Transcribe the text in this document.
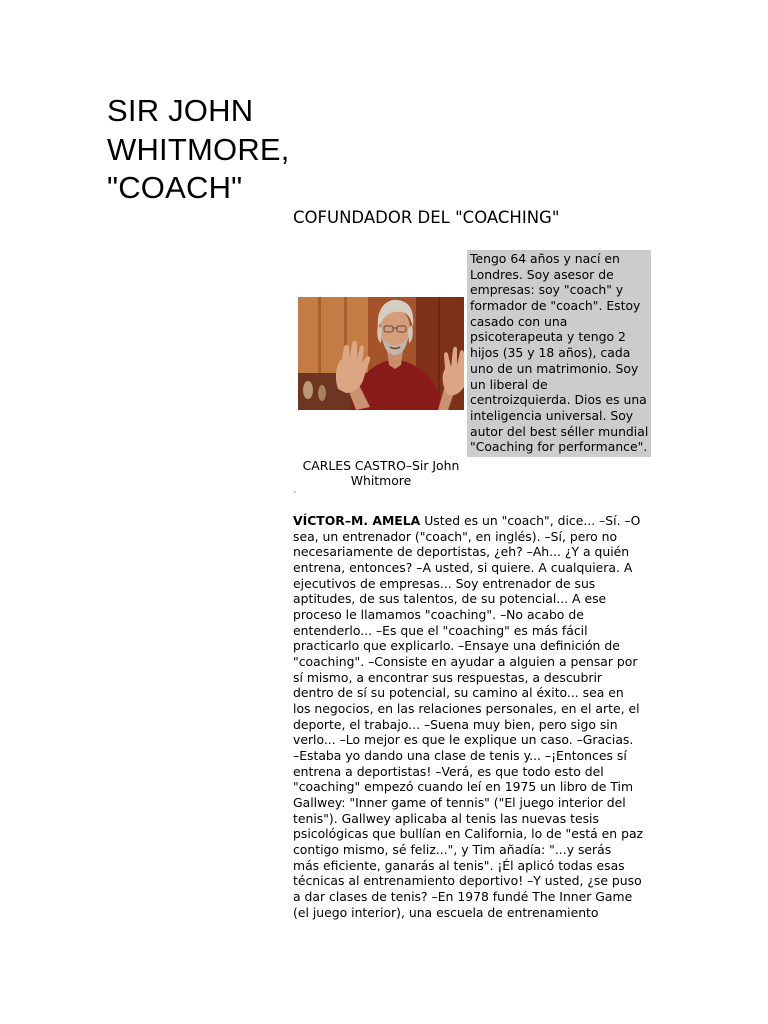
SIR JOHN
WHITMORE,
"COACH"
COFUNDADOR DEL "COACHING"
Tengo 64 años y nací en
Londres. Soy asesor de
empresas: soy "coach" y
formador de "coach". Estoy
casado con una
psicoterapeuta y tengo 2
hijos (35 y 18 años), cada
uno de un matrimonio. Soy
un liberal de
centroizquierda. Dios es una
inteligencia universal. Soy
autor del best séller mundial
"Coaching for performance".
CARLES CASTRO–Sir John
Whitmore
.
VÍCTOR–M. AMELA Usted es un "coach", dice... –Sí. –O
sea, un entrenador ("coach", en inglés). –Sí, pero no
necesariamente de deportistas, ¿eh? –Ah... ¿Y a quién
entrena, entonces? –A usted, si quiere. A cualquiera. A
ejecutivos de empresas... Soy entrenador de sus
aptitudes, de sus talentos, de su potencial... A ese
proceso le llamamos "coaching". –No acabo de
entenderlo... –Es que el "coaching" es más fácil
practicarlo que explicarlo. –Ensaye una definición de
"coaching". –Consiste en ayudar a alguien a pensar por
sí mismo, a encontrar sus respuestas, a descubrir
dentro de sí su potencial, su camino al éxito... sea en
los negocios, en las relaciones personales, en el arte, el
deporte, el trabajo... –Suena muy bien, pero sigo sin
verlo... –Lo mejor es que le explique un caso. –Gracias.
–Estaba yo dando una clase de tenis y... –¡Entonces sí
entrena a deportistas! –Verá, es que todo esto del
"coaching" empezó cuando leí en 1975 un libro de Tim
Gallwey: "Inner game of tennis" ("El juego interior del
tenis"). Gallwey aplicaba al tenis las nuevas tesis
psicológicas que bullían en California, lo de "está en paz
contigo mismo, sé feliz...", y Tim añadía: "...y serás
más eficiente, ganarás al tenis". ¡Él aplicó todas esas
técnicas al entrenamiento deportivo! –Y usted, ¿se puso
a dar clases de tenis? –En 1978 fundé The Inner Game
(el juego interior), una escuela de entrenamiento
